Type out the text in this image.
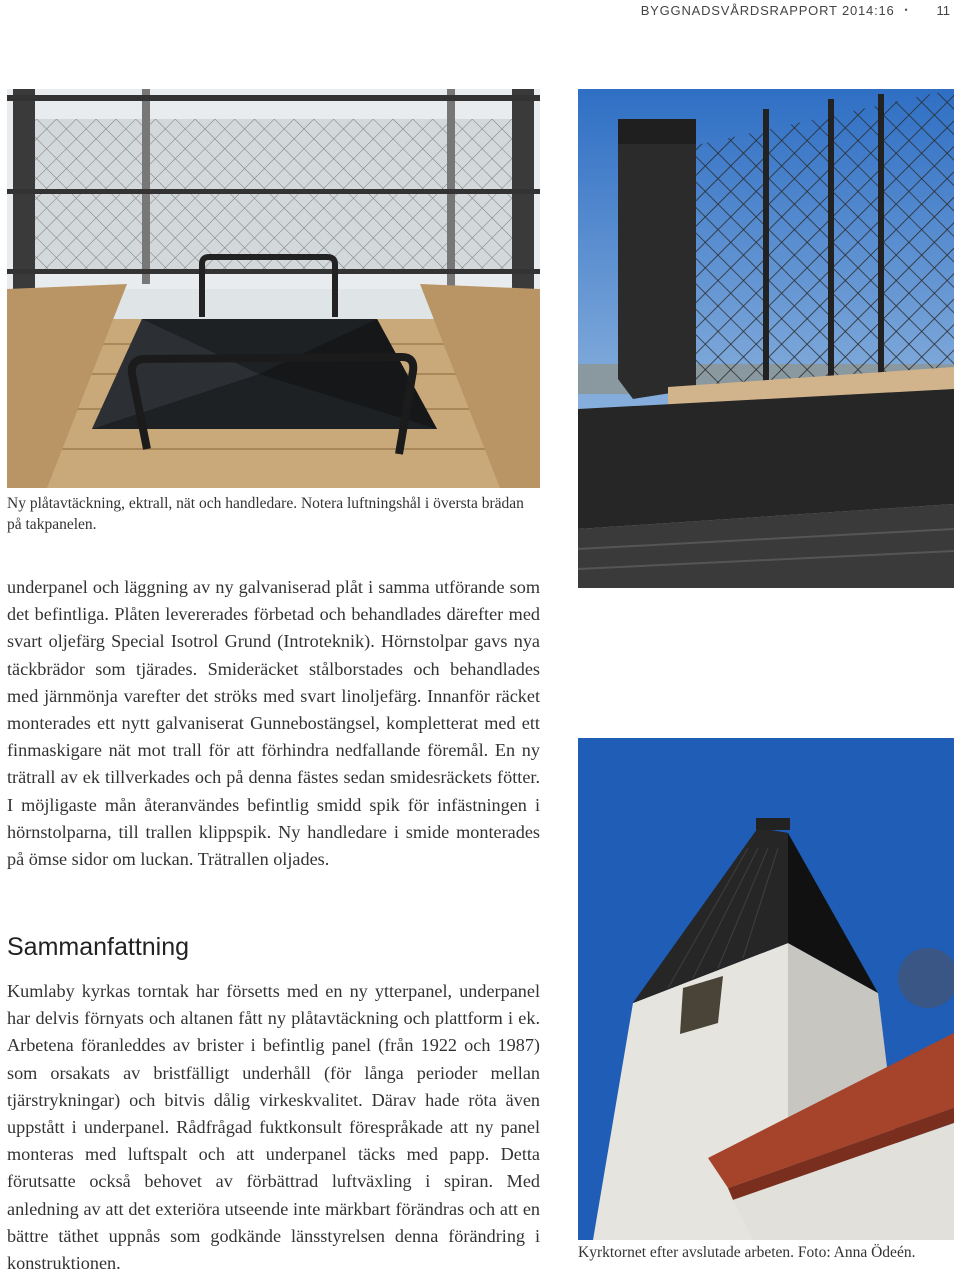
BYGGNADSVÅRDSRAPPORT 2014:16 • 11
Ny plåtavtäckning, ektrall, nät och handledare. Notera luftningshål i översta brädan på takpanelen.

underpanel och läggning av ny galvaniserad plåt i samma utförande som det befintliga. Plåten levererades förbetad och behandlades därefter med svart oljefärg Special Isotrol Grund (Introteknik). Hörnstolpar gavs nya täckbrädor som tjärades. Smideräcket stålborstades och behandlades med järnmönja varefter det ströks med svart linoljefärg. Innanför räcket monterades ett nytt galvaniserat Gunnebostängsel, kompletterat med ett finmaskigare nät mot trall för att förhindra nedfallande föremål. En ny trätrall av ek tillverkades och på denna fästes sedan smidesräckets fötter. I möjligaste mån återanvändes befintlig smidd spik för infästningen i hörnstolparna, till trallen klippspik. Ny handledare i smide monterades på ömse sidor om luckan. Trätrallen oljades.

Sammanfattning

Kumlaby kyrkas torntak har försetts med en ny ytterpanel, underpanel har delvis förnyats och altanen fått ny plåtavtäckning och plattform i ek. Arbetena föranleddes av brister i befintlig panel (från 1922 och 1987) som orsakats av bristfälligt underhåll (för långa perioder mellan tjärstrykningar) och bitvis dålig virkeskvalitet. Därav hade röta även uppstått i underpanel. Rådfrågad fuktkonsult förespråkade att ny panel monteras med luftspalt och att underpanel täcks med papp. Detta förutsatte också behovet av förbättrad luftväxling i spiran. Med anledning av att det exteriöra utseende inte märkbart förändras och att en bättre täthet uppnås som godkände länsstyrelsen denna förändring i konstruktionen.

Kyrktornet efter avslutade arbeten. Foto: Anna Ödeén.
